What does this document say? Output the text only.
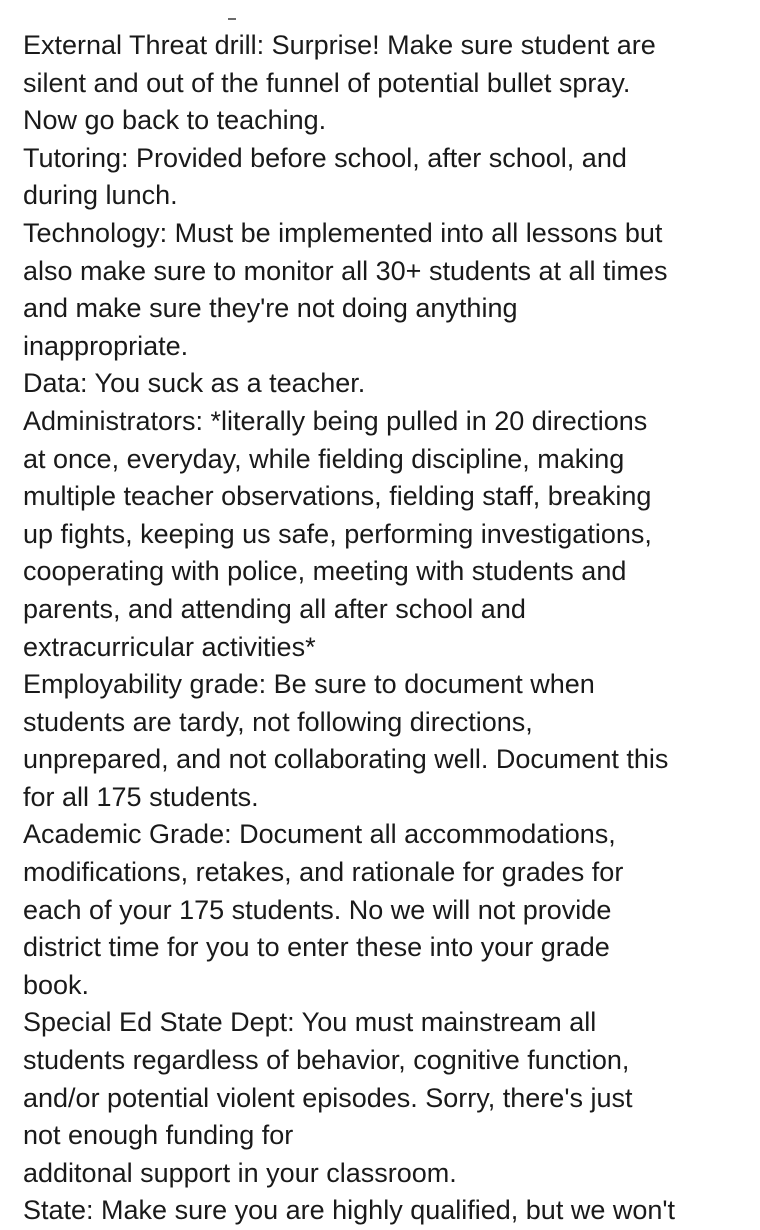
External Threat drill: Surprise! Make sure student are

silent and out of the funnel of potential bullet spray.

Now go back to teaching.

Tutoring: Provided before school, after school, and

during lunch.

Technology: Must be implemented into all lessons but

also make sure to monitor all 30+ students at all times

and make sure they're not doing anything

inappropriate.

Data: You suck as a teacher.

Administrators: *literally being pulled in 20 directions

at once, everyday, while fielding discipline, making

multiple teacher observations, fielding staff, breaking

up fights, keeping us safe, performing investigations,

cooperating with police, meeting with students and

parents, and attending all after school and

extracurricular activities*

Employability grade: Be sure to document when

students are tardy, not following directions,

unprepared, and not collaborating well. Document this

for all 175 students.

Academic Grade: Document all accommodations,

modifications, retakes, and rationale for grades for

each of your 175 students. No we will not provide

district time for you to enter these into your grade

book.

Special Ed State Dept: You must mainstream all

students regardless of behavior, cognitive function,

and/or potential violent episodes. Sorry, there's just

not enough funding for

additonal support in your classroom.

State: Make sure you are highly qualified, but we won't
